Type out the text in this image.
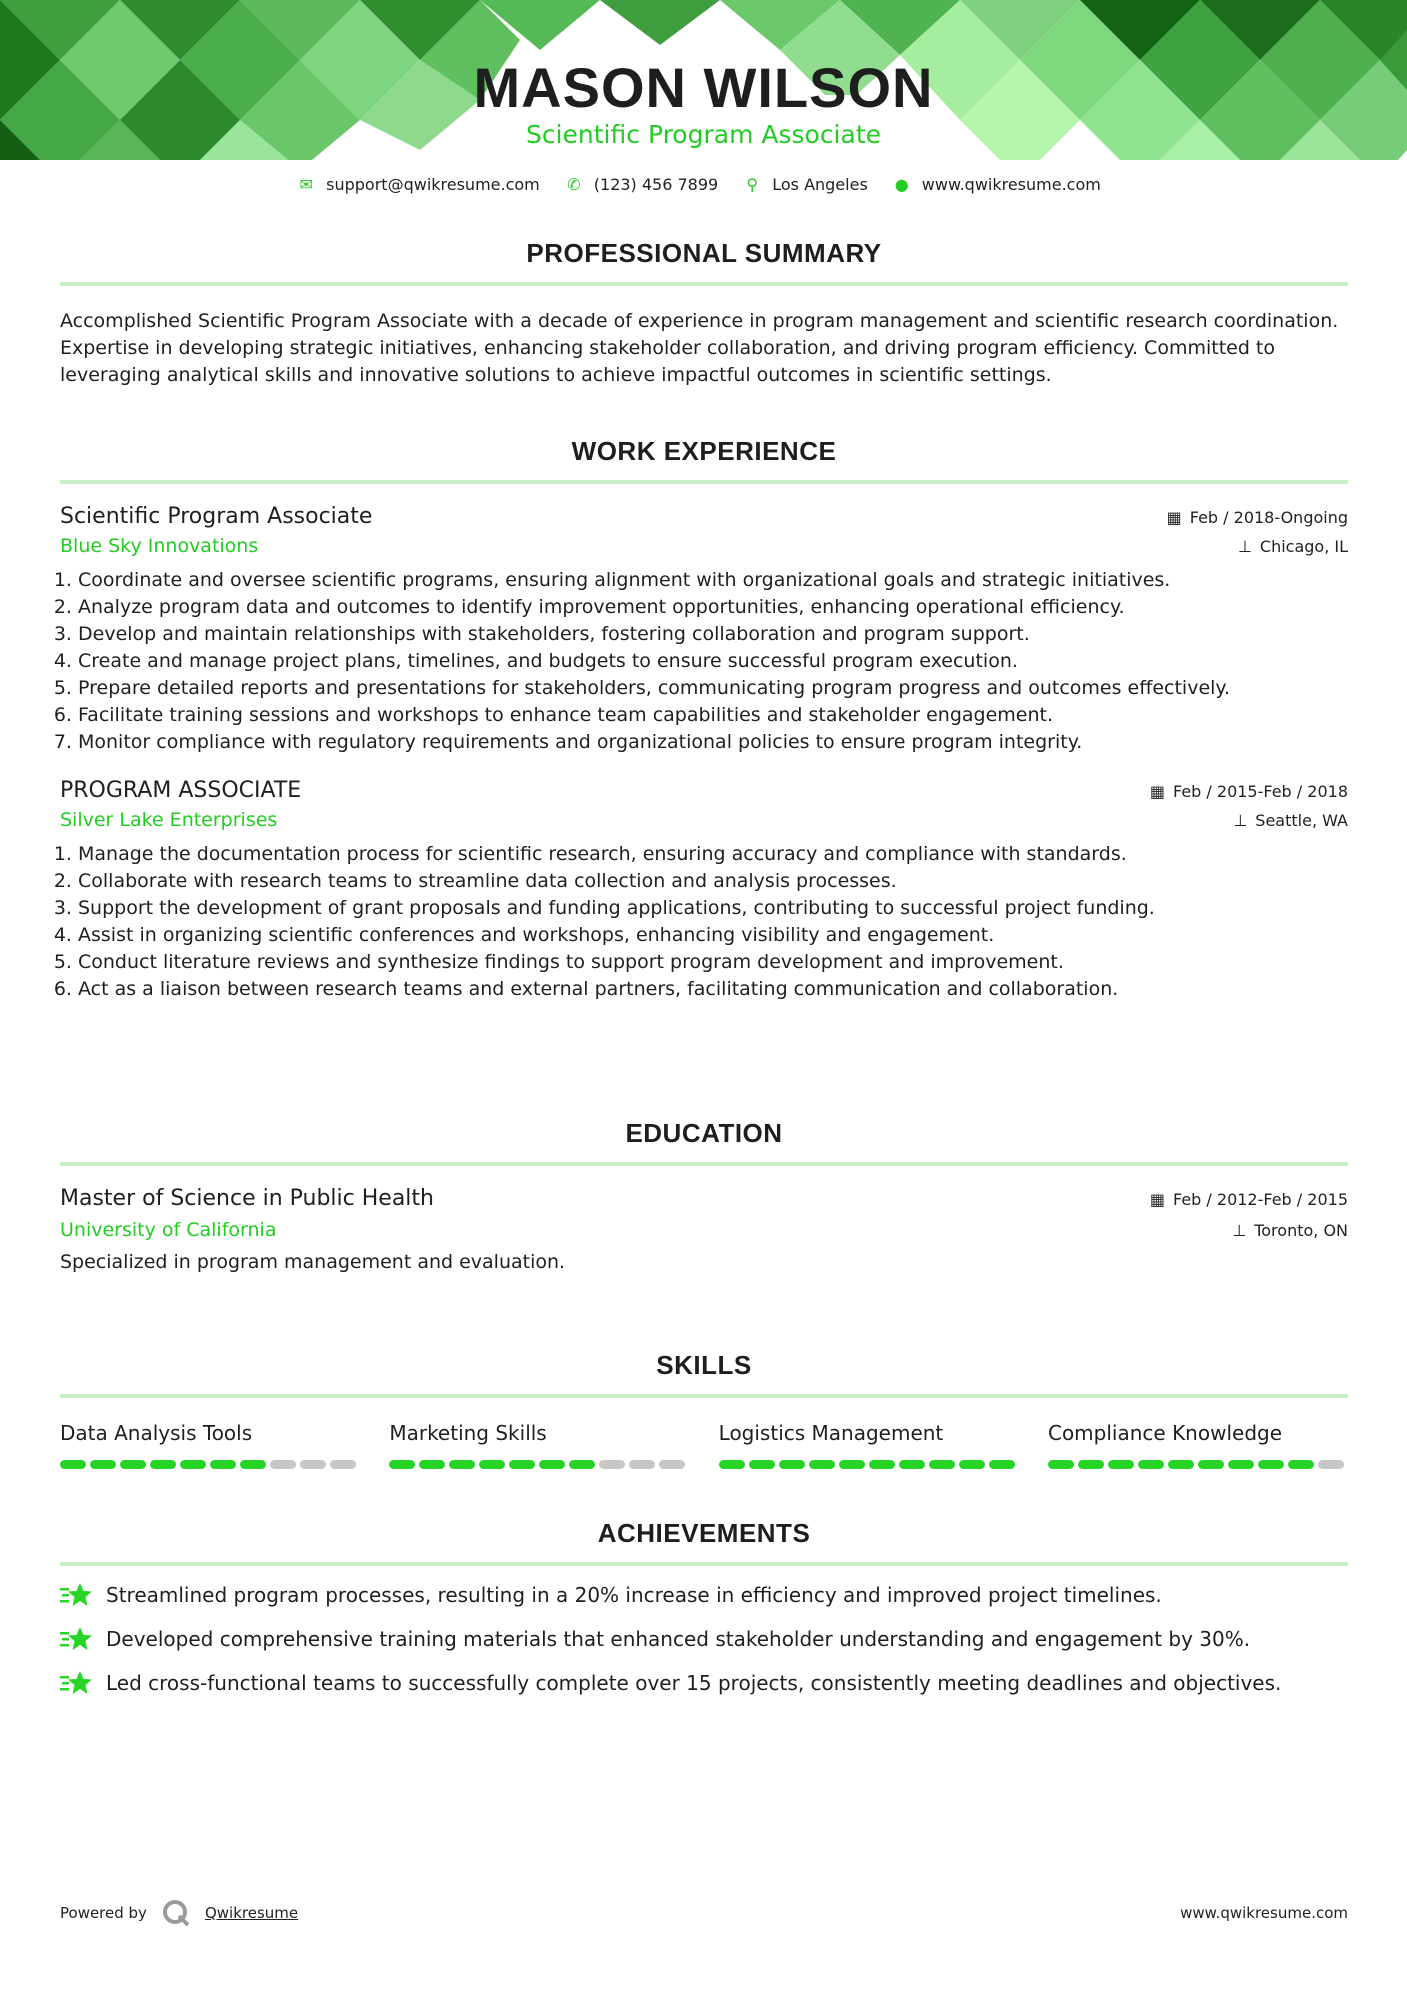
MASON WILSON
Scientific Program Associate
✉ support@qwikresume.com ✆ (123) 456 7899 ⚲ Los Angeles ● www.qwikresume.com
PROFESSIONAL SUMMARY
Accomplished Scientific Program Associate with a decade of experience in program management and scientific research coordination. Expertise in developing strategic initiatives, enhancing stakeholder collaboration, and driving program efficiency. Committed to leveraging analytical skills and innovative solutions to achieve impactful outcomes in scientific settings.
WORK EXPERIENCE
Scientific Program Associate	▦ Feb / 2018-Ongoing
Blue Sky Innovations	⊥ Chicago, IL
1. Coordinate and oversee scientific programs, ensuring alignment with organizational goals and strategic initiatives.
2. Analyze program data and outcomes to identify improvement opportunities, enhancing operational efficiency.
3. Develop and maintain relationships with stakeholders, fostering collaboration and program support.
4. Create and manage project plans, timelines, and budgets to ensure successful program execution.
5. Prepare detailed reports and presentations for stakeholders, communicating program progress and outcomes effectively.
6. Facilitate training sessions and workshops to enhance team capabilities and stakeholder engagement.
7. Monitor compliance with regulatory requirements and organizational policies to ensure program integrity.
PROGRAM ASSOCIATE	▦ Feb / 2015-Feb / 2018
Silver Lake Enterprises	⊥ Seattle, WA
1. Manage the documentation process for scientific research, ensuring accuracy and compliance with standards.
2. Collaborate with research teams to streamline data collection and analysis processes.
3. Support the development of grant proposals and funding applications, contributing to successful project funding.
4. Assist in organizing scientific conferences and workshops, enhancing visibility and engagement.
5. Conduct literature reviews and synthesize findings to support program development and improvement.
6. Act as a liaison between research teams and external partners, facilitating communication and collaboration.
EDUCATION
Master of Science in Public Health	▦ Feb / 2012-Feb / 2015
University of California	⊥ Toronto, ON
Specialized in program management and evaluation.
SKILLS
Data Analysis Tools	Marketing Skills	Logistics Management	Compliance Knowledge
ACHIEVEMENTS
Streamlined program processes, resulting in a 20% increase in efficiency and improved project timelines.
Developed comprehensive training materials that enhanced stakeholder understanding and engagement by 30%.
Led cross-functional teams to successfully complete over 15 projects, consistently meeting deadlines and objectives.
Powered by	Qwikresume	www.qwikresume.com
